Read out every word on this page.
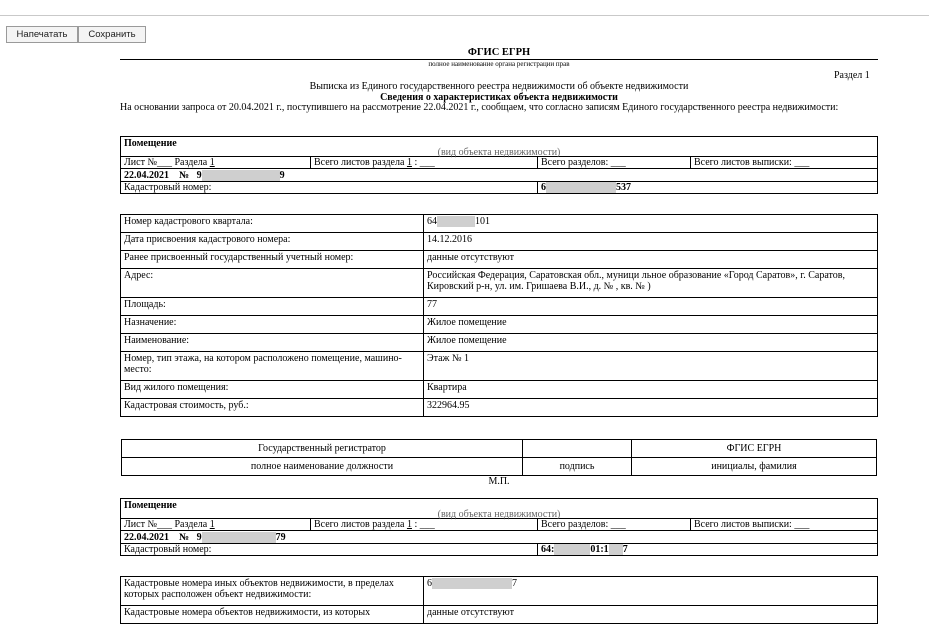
Напечатать	Сохранить
ФГИС ЕГРН
полное наименование органа регистрации прав
Раздел 1
Выписка из Единого государственного реестра недвижимости об объекте недвижимости
Сведения о характеристиках объекта недвижимости
На основании запроса от 20.04.2021 г., поступившего на рассмотрение 22.04.2021 г., сообщаем, что согласно записям Единого государственного реестра недвижимости:
Помещение			
(вид объекта недвижимости)			
Лист №___ Раздела 1	Всего листов раздела 1 : ___	Всего разделов: ___	Всего листов выписки: ___
22.04.2021 № 9 9			
Кадастровый номер:		6 537	
Номер кадастрового квартала:	64 101
Дата присвоения кадастрового номера:	14.12.2016
Ранее присвоенный государственный учетный номер:	данные отсутствуют
Адрес:	Российская Федерация, Саратовская обл., муници льное образование «Город Саратов», г. Саратов, Кировский р-н, ул. им. Гришаева В.И., д. № , кв. № )
Площадь:	77
Назначение:	Жилое помещение
Наименование:	Жилое помещение
Номер, тип этажа, на котором расположено помещение, машино-место:	Этаж № 1
Вид жилого помещения:	Квартира
Кадастровая стоимость, руб.:	322964.95
Государственный регистратор		ФГИС ЕГРН
полное наименование должности	подпись	инициалы, фамилия
М.П.
Помещение			
(вид объекта недвижимости)			
Лист №___ Раздела 1	Всего листов раздела 1 : ___	Всего разделов: ___	Всего листов выписки: ___
22.04.2021 № 9 79			
Кадастровый номер:		64: 01:1 7	
Кадастровые номера иных объектов недвижимости, в пределах которых расположен объект недвижимости:	6 7
Кадастровые номера объектов недвижимости, из которых	данные отсутствуют
